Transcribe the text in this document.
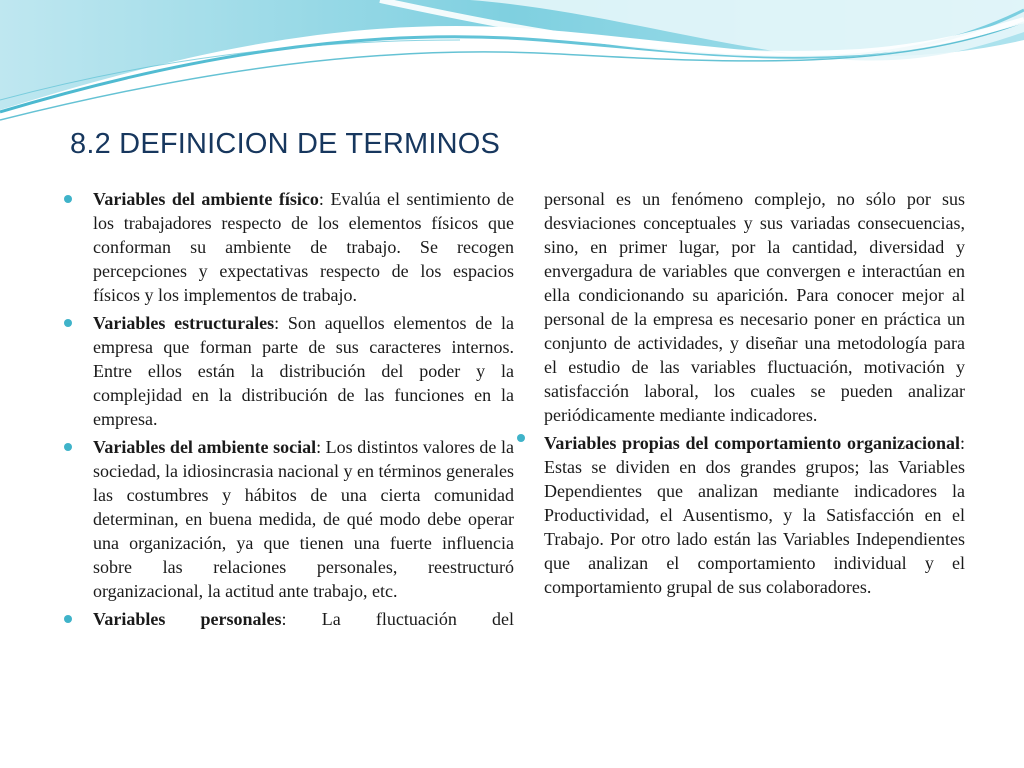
8.2 DEFINICION DE TERMINOS
Variables del ambiente físico: Evalúa el sentimiento de los trabajadores respecto de los elementos físicos que conforman su ambiente de trabajo. Se recogen percepciones y expectativas respecto de los espacios físicos y los implementos de trabajo.
Variables estructurales: Son aquellos elementos de la empresa que forman parte de sus caracteres internos. Entre ellos están la distribución del poder y la complejidad en la distribución de las funciones en la empresa.
Variables del ambiente social: Los distintos valores de la sociedad, la idiosincrasia nacional y en términos generales las costumbres y hábitos de una cierta comunidad determinan, en buena medida, de qué modo debe operar una organización, ya que tienen una fuerte influencia sobre las relaciones personales, reestructuró organizacional, la actitud ante trabajo, etc.
Variables personales: La fluctuación del

personal es un fenómeno complejo, no sólo por sus desviaciones conceptuales y sus variadas consecuencias, sino, en primer lugar, por la cantidad, diversidad y envergadura de variables que convergen e interactúan en ella condicionando su aparición. Para conocer mejor al personal de la empresa es necesario poner en práctica un conjunto de actividades, y diseñar una metodología para el estudio de las variables fluctuación, motivación y satisfacción laboral, los cuales se pueden analizar periódicamente mediante indicadores.

Variables propias del comportamiento organizacional: Estas se dividen en dos grandes grupos; las Variables Dependientes que analizan mediante indicadores la Productividad, el Ausentismo, y la Satisfacción en el Trabajo. Por otro lado están las Variables Independientes que analizan el comportamiento individual y el comportamiento grupal de sus colaboradores.
